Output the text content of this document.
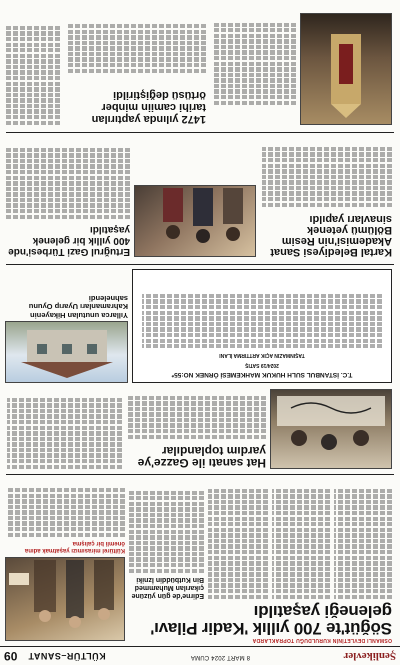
Şenlikevler
8 MART 2024 CUMA
KÜLTÜR–SANAT
09
OSMANLI DEVLETİNİN KURULDUĞU TOPRAKLARDA
Söğüt'te 700 yıllık 'Kadir Pilavı' geleneği yaşatıldı
Edirne'de gün yüzüne çıkarılan Muhammed Bin Kutbüddin İzniki
Kültürel mirasımızı yaşatmak adına önemli bir çalışma
Hat sanatı ile Gazze'ye yardım toplandılar
T.C. İSTANBUL SULH HUKUK MAHKEMESİ ÖRNEK NO:55*
2024/19 SATIŞ
TAŞINMAZIN AÇIK ARTTIRMA İLANI
Yıllarca unutulan Hikayenin Kahramanları Uyarıp Oyunu sahnelendi
Kartal Belediyesi Sanat Akademisi'nin Resim Bölümü yetenek sinavları yapıldı
Ertuğrul Gazi Türbesi'nde 400 yıllık bir gelenek yaşatıldı
1472 yılında yaptırılan tarihi camiin minber örtüsü değiştirildi
